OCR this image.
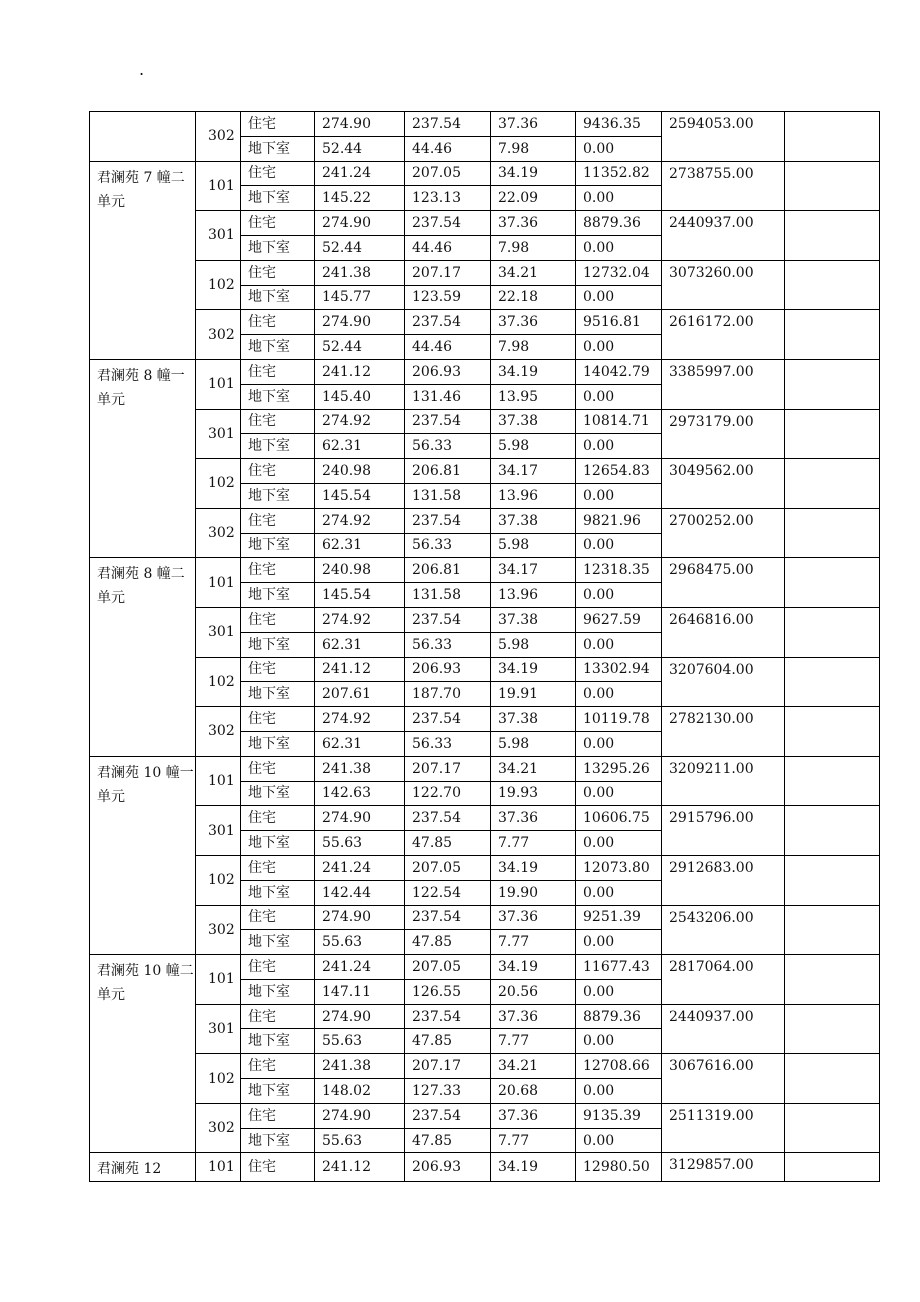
.
	302	住宅	274.90	237.54	37.36	9436.35	2594053.00	
		地下室	52.44	44.46	7.98	0.00		
君澜苑 7 幢二单元	101	住宅	241.24	207.05	34.19	11352.82	2738755.00	
		地下室	145.22	123.13	22.09	0.00		
	301	住宅	274.90	237.54	37.36	8879.36	2440937.00	
		地下室	52.44	44.46	7.98	0.00		
	102	住宅	241.38	207.17	34.21	12732.04	3073260.00	
		地下室	145.77	123.59	22.18	0.00		
	302	住宅	274.90	237.54	37.36	9516.81	2616172.00	
		地下室	52.44	44.46	7.98	0.00		
君澜苑 8 幢一单元	101	住宅	241.12	206.93	34.19	14042.79	3385997.00	
		地下室	145.40	131.46	13.95	0.00		
	301	住宅	274.92	237.54	37.38	10814.71	2973179.00	
		地下室	62.31	56.33	5.98	0.00		
	102	住宅	240.98	206.81	34.17	12654.83	3049562.00	
		地下室	145.54	131.58	13.96	0.00		
	302	住宅	274.92	237.54	37.38	9821.96	2700252.00	
		地下室	62.31	56.33	5.98	0.00		
君澜苑 8 幢二单元	101	住宅	240.98	206.81	34.17	12318.35	2968475.00	
		地下室	145.54	131.58	13.96	0.00		
	301	住宅	274.92	237.54	37.38	9627.59	2646816.00	
		地下室	62.31	56.33	5.98	0.00		
	102	住宅	241.12	206.93	34.19	13302.94	3207604.00	
		地下室	207.61	187.70	19.91	0.00		
	302	住宅	274.92	237.54	37.38	10119.78	2782130.00	
		地下室	62.31	56.33	5.98	0.00		
君澜苑 10 幢一单元	101	住宅	241.38	207.17	34.21	13295.26	3209211.00	
		地下室	142.63	122.70	19.93	0.00		
	301	住宅	274.90	237.54	37.36	10606.75	2915796.00	
		地下室	55.63	47.85	7.77	0.00		
	102	住宅	241.24	207.05	34.19	12073.80	2912683.00	
		地下室	142.44	122.54	19.90	0.00		
	302	住宅	274.90	237.54	37.36	9251.39	2543206.00	
		地下室	55.63	47.85	7.77	0.00		
君澜苑 10 幢二单元	101	住宅	241.24	207.05	34.19	11677.43	2817064.00	
		地下室	147.11	126.55	20.56	0.00		
	301	住宅	274.90	237.54	37.36	8879.36	2440937.00	
		地下室	55.63	47.85	7.77	0.00		
	102	住宅	241.38	207.17	34.21	12708.66	3067616.00	
		地下室	148.02	127.33	20.68	0.00		
	302	住宅	274.90	237.54	37.36	9135.39	2511319.00	
		地下室	55.63	47.85	7.77	0.00		
君澜苑 12	101	住宅	241.12	206.93	34.19	12980.50	3129857.00	
